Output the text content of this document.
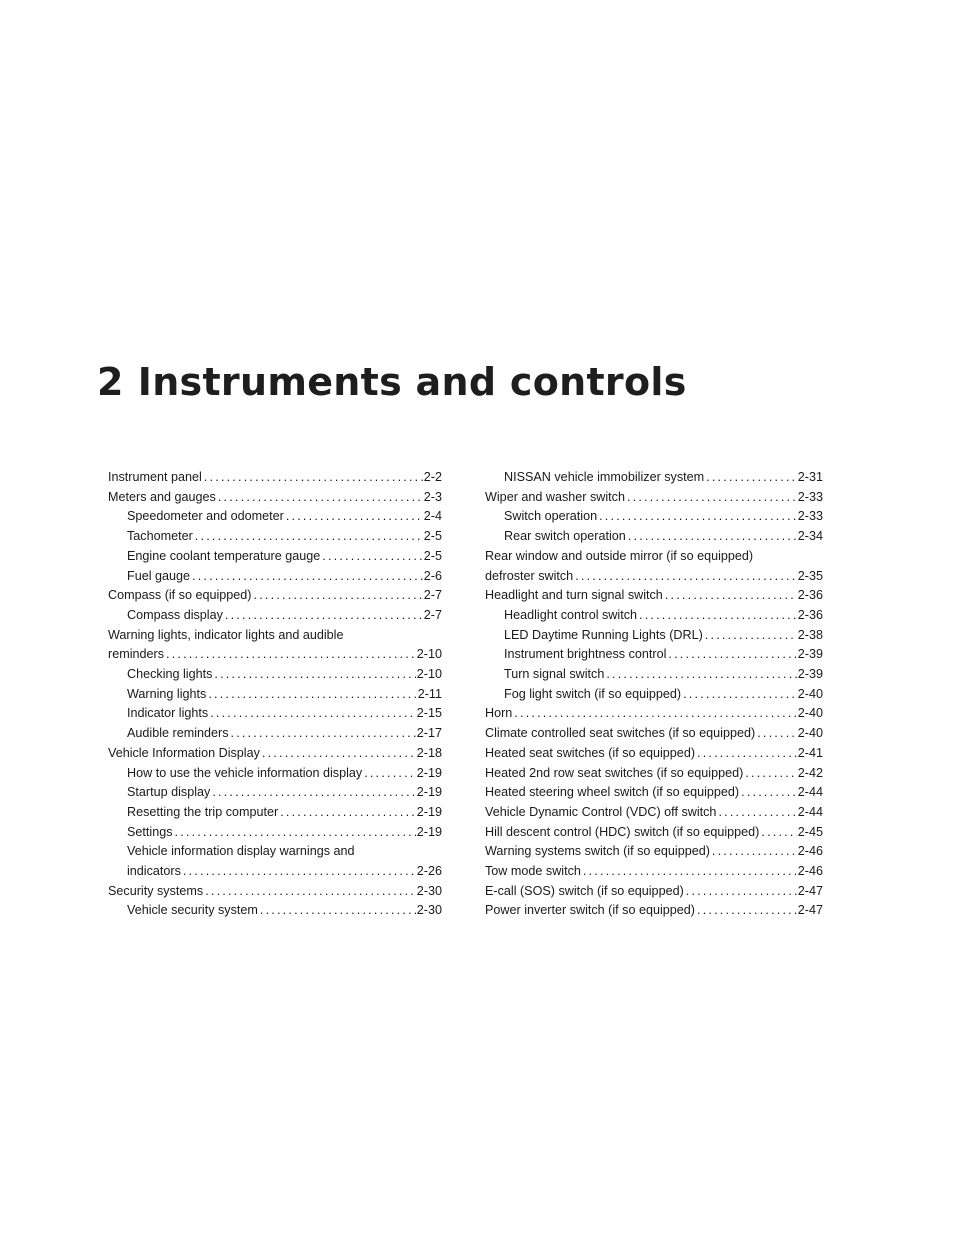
2 Instruments and controls
Instrument panel .....	2-2
Meters and gauges .....	2-3
Speedometer and odometer .....	2-4
Tachometer .....	2-5
Engine coolant temperature gauge .....	2-5
Fuel gauge .....	2-6
Compass (if so equipped) .....	2-7
Compass display .....	2-7
Warning lights, indicator lights and audible
reminders .....	2-10
Checking lights .....	2-10
Warning lights .....	2-11
Indicator lights .....	2-15
Audible reminders .....	2-17
Vehicle Information Display .....	2-18
How to use the vehicle information display .....	2-19
Startup display .....	2-19
Resetting the trip computer .....	2-19
Settings .....	2-19
Vehicle information display warnings and
indicators .....	2-26
Security systems .....	2-30
Vehicle security system .....	2-30
NISSAN vehicle immobilizer system .....	2-31
Wiper and washer switch .....	2-33
Switch operation .....	2-33
Rear switch operation .....	2-34
Rear window and outside mirror (if so equipped)
defroster switch .....	2-35
Headlight and turn signal switch .....	2-36
Headlight control switch .....	2-36
LED Daytime Running Lights (DRL) .....	2-38
Instrument brightness control .....	2-39
Turn signal switch .....	2-39
Fog light switch (if so equipped) .....	2-40
Horn .....	2-40
Climate controlled seat switches (if so equipped) .....	2-40
Heated seat switches (if so equipped) .....	2-41
Heated 2nd row seat switches (if so equipped) .....	2-42
Heated steering wheel switch (if so equipped) .....	2-44
Vehicle Dynamic Control (VDC) off switch .....	2-44
Hill descent control (HDC) switch (if so equipped) .....	2-45
Warning systems switch (if so equipped) .....	2-46
Tow mode switch .....	2-46
E-call (SOS) switch (if so equipped) .....	2-47
Power inverter switch (if so equipped) .....	2-47
